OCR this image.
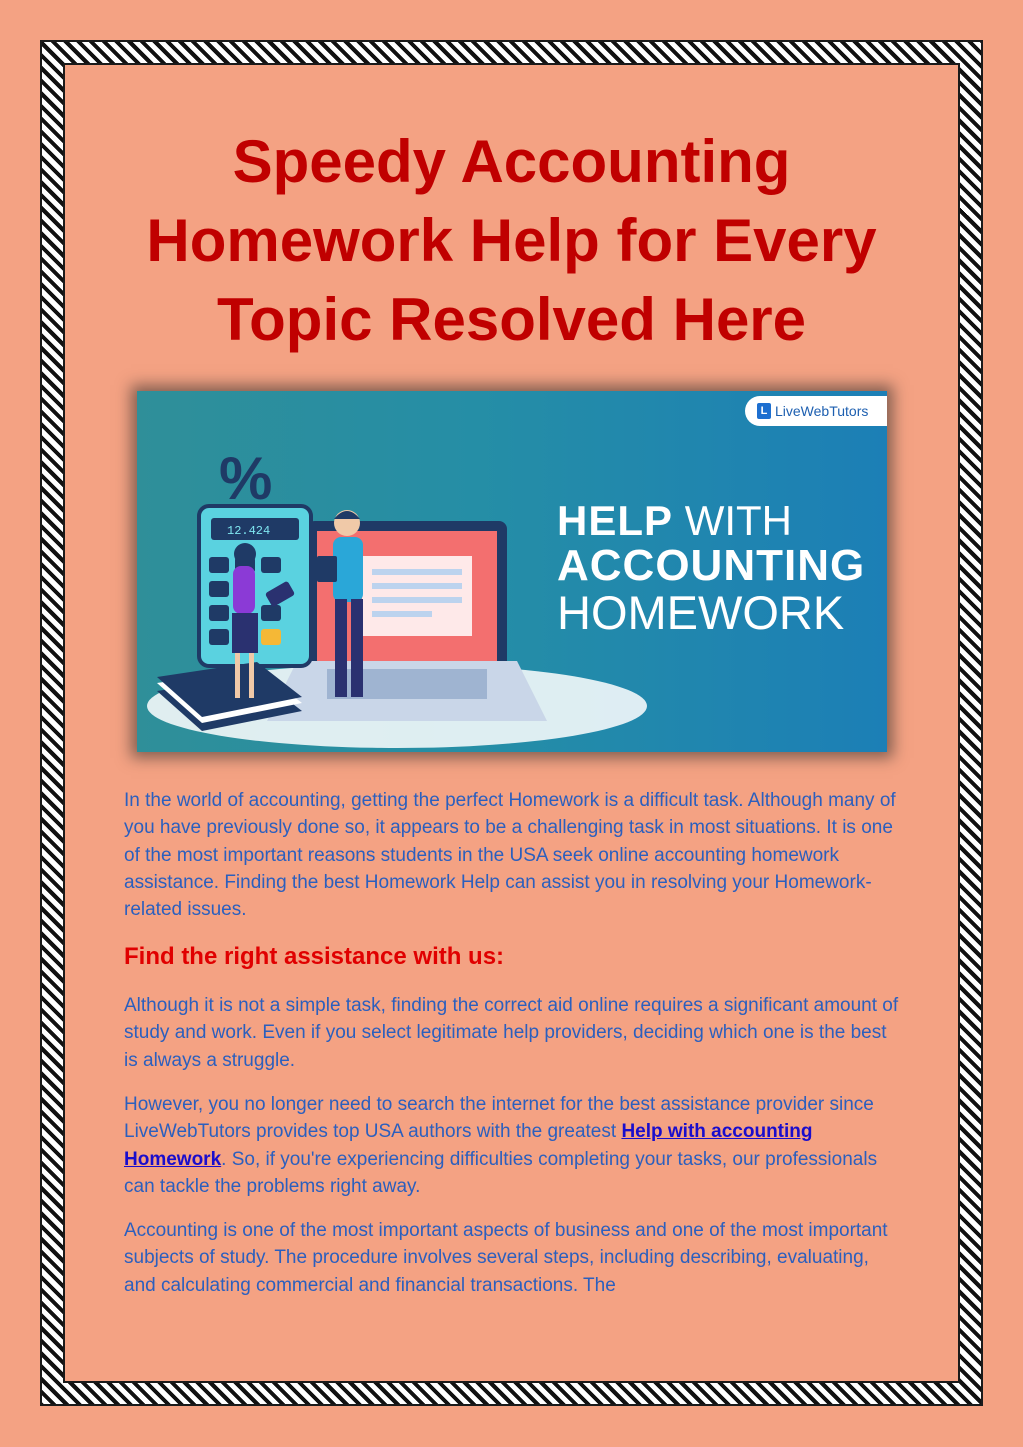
Speedy Accounting Homework Help for Every Topic Resolved Here
%
12.424
L LiveWebTutors
HELP WITH
ACCOUNTING
HOMEWORK

In the world of accounting, getting the perfect Homework is a difficult task. Although many of you have previously done so, it appears to be a challenging task in most situations. It is one of the most important reasons students in the USA seek online accounting homework assistance. Finding the best Homework Help can assist you in resolving your Homework-related issues.

Find the right assistance with us:

Although it is not a simple task, finding the correct aid online requires a significant amount of study and work. Even if you select legitimate help providers, deciding which one is the best is always a struggle.

However, you no longer need to search the internet for the best assistance provider since LiveWebTutors provides top USA authors with the greatest Help with accounting Homework. So, if you're experiencing difficulties completing your tasks, our professionals can tackle the problems right away.

Accounting is one of the most important aspects of business and one of the most important subjects of study. The procedure involves several steps, including describing, evaluating, and calculating commercial and financial transactions. The
